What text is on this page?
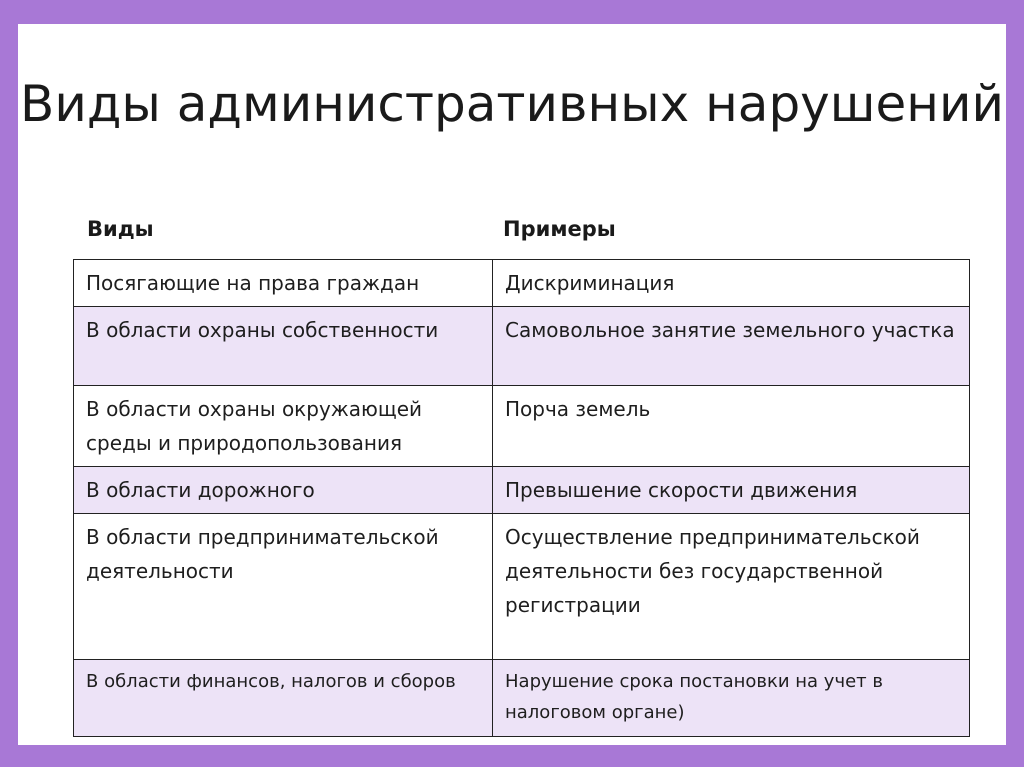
Виды административных нарушений
Виды	Примеры
Посягающие на права граждан	Дискриминация
В области охраны собственности	Самовольное занятие земельного участка
В области охраны окружающей среды и природопользования	Порча земель
В области дорожного	Превышение скорости движения
В области предпринимательской деятельности	Осуществление предпринимательской деятельности без государственной регистрации
В области финансов, налогов и сборов	Нарушение срока постановки на учет в налоговом органе)
